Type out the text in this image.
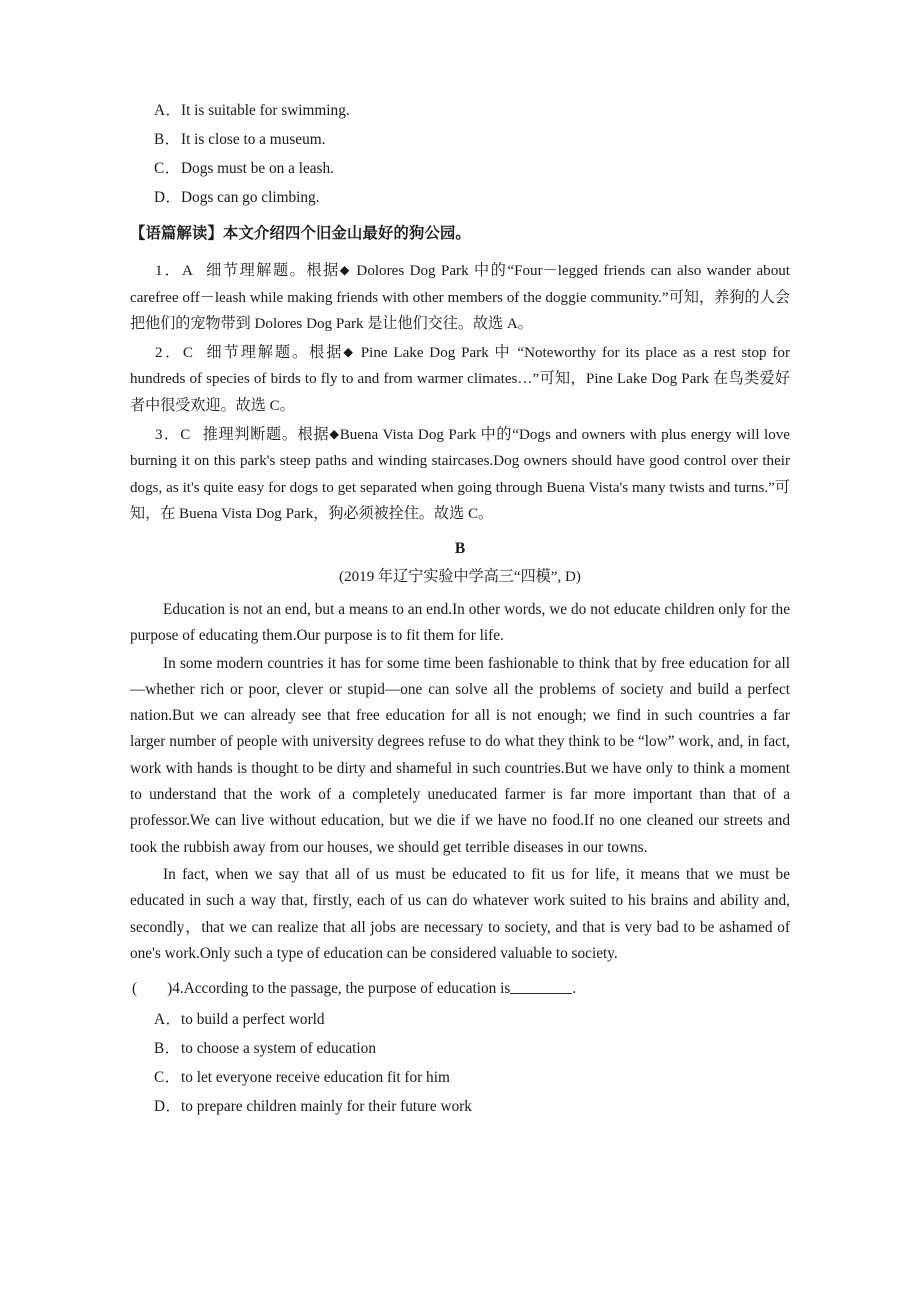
A． It is suitable for swimming.
B． It is close to a museum.
C． Dogs must be on a leash.
D． Dogs can go climbing.
【语篇解读】本文介绍四个旧金山最好的狗公园。

1．A 细节理解题。根据◆ Dolores Dog Park 中的“Four－legged friends can also wander about carefree off－leash while making friends with other members of the doggie community.”可知，养狗的人会把他们的宠物带到 Dolores Dog Park 是让他们交往。故选 A。

2．C 细节理解题。根据◆ Pine Lake Dog Park 中 “Noteworthy for its place as a rest stop for hundreds of species of birds to fly to and from warmer climates…”可知，Pine Lake Dog Park 在鸟类爱好者中很受欢迎。故选 C。

3．C 推理判断题。根据◆Buena Vista Dog Park 中的“Dogs and owners with plus energy will love burning it on this park's steep paths and winding staircases.Dog owners should have good control over their dogs, as it's quite easy for dogs to get separated when going through Buena Vista's many twists and turns.”可知，在 Buena Vista Dog Park，狗必须被拴住。故选 C。

B
(2019 年辽宁实验中学高三“四模”, D)

Education is not an end, but a means to an end.In other words, we do not educate children only for the purpose of educating them.Our purpose is to fit them for life.

In some modern countries it has for some time been fashionable to think that by free education for all—whether rich or poor, clever or stupid—one can solve all the problems of society and build a perfect nation.But we can already see that free education for all is not enough; we find in such countries a far larger number of people with university degrees refuse to do what they think to be “low” work, and, in fact, work with hands is thought to be dirty and shameful in such countries.But we have only to think a moment to understand that the work of a completely uneducated farmer is far more important than that of a professor.We can live without education, but we die if we have no food.If no one cleaned our streets and took the rubbish away from our houses, we should get terrible diseases in our towns.

In fact, when we say that all of us must be educated to fit us for life, it means that we must be educated in such a way that, firstly, each of us can do whatever work suited to his brains and ability and, secondly，that we can realize that all jobs are necessary to society, and that is very bad to be ashamed of one's work.Only such a type of education can be considered valuable to society.

( )4.According to the passage, the purpose of education is	.
A． to build a perfect world
B． to choose a system of education
C． to let everyone receive education fit for him
D． to prepare children mainly for their future work
